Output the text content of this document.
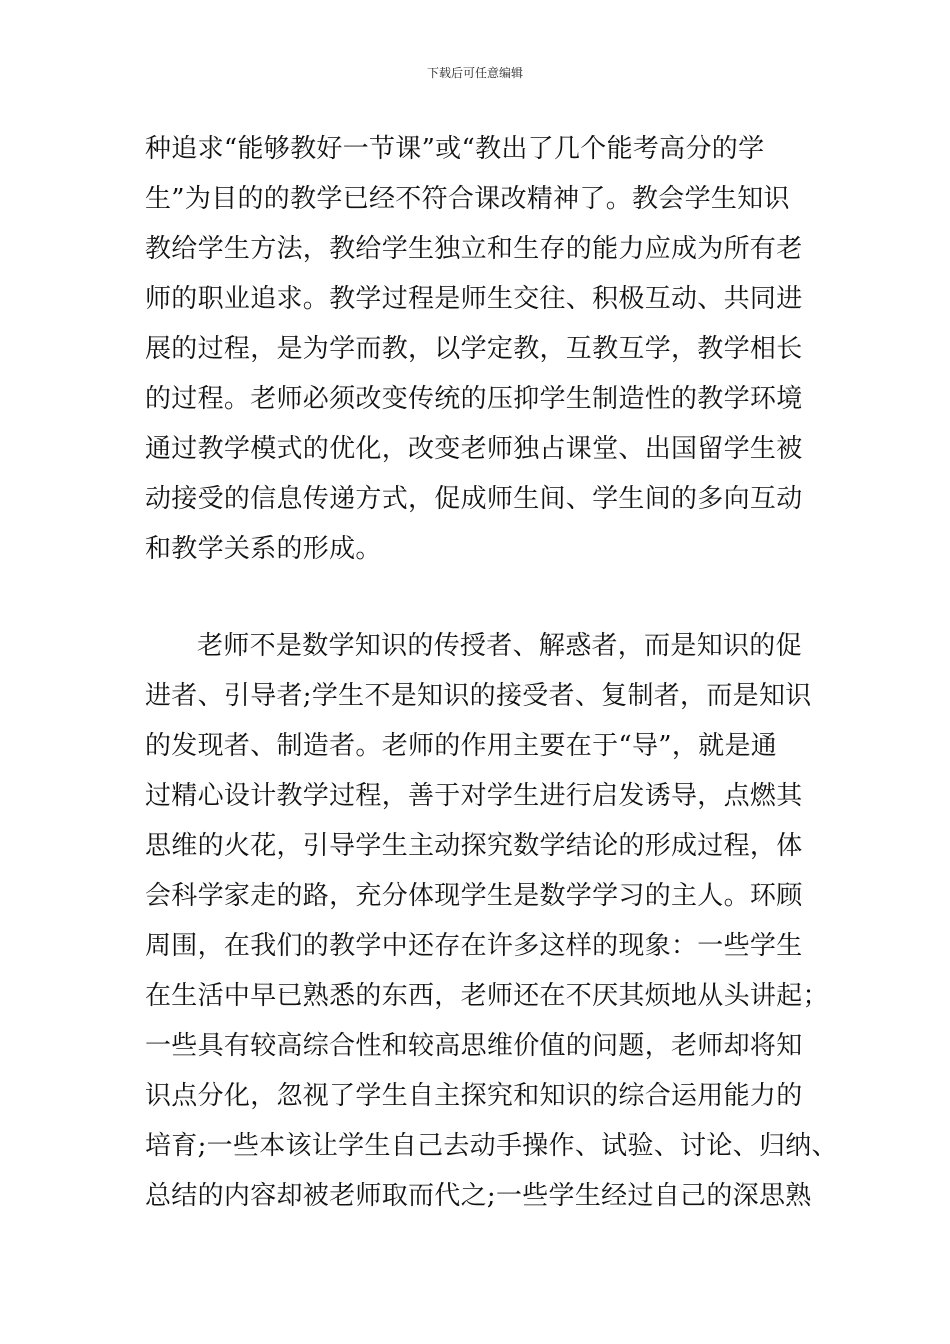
下载后可任意编辑
种追求“能够教好一节课”或“教出了几个能考高分的学
生”为目的的教学已经不符合课改精神了。教会学生知识
教给学生方法，教给学生独立和生存的能力应成为所有老
师的职业追求。教学过程是师生交往、积极互动、共同进
展的过程，是为学而教，以学定教，互教互学，教学相长
的过程。老师必须改变传统的压抑学生制造性的教学环境
通过教学模式的优化，改变老师独占课堂、出国留学生被
动接受的信息传递方式，促成师生间、学生间的多向互动
和教学关系的形成。
老师不是数学知识的传授者、解惑者，而是知识的促
进者、引导者;学生不是知识的接受者、复制者，而是知识
的发现者、制造者。老师的作用主要在于“导”，就是通
过精心设计教学过程，善于对学生进行启发诱导，点燃其
思维的火花，引导学生主动探究数学结论的形成过程，体
会科学家走的路，充分体现学生是数学学习的主人。环顾
周围，在我们的教学中还存在许多这样的现象：一些学生
在生活中早已熟悉的东西，老师还在不厌其烦地从头讲起；
一些具有较高综合性和较高思维价值的问题，老师却将知
识点分化，忽视了学生自主探究和知识的综合运用能力的
培育;一些本该让学生自己去动手操作、试验、讨论、归纳、
总结的内容却被老师取而代之;一些学生经过自己的深思熟
